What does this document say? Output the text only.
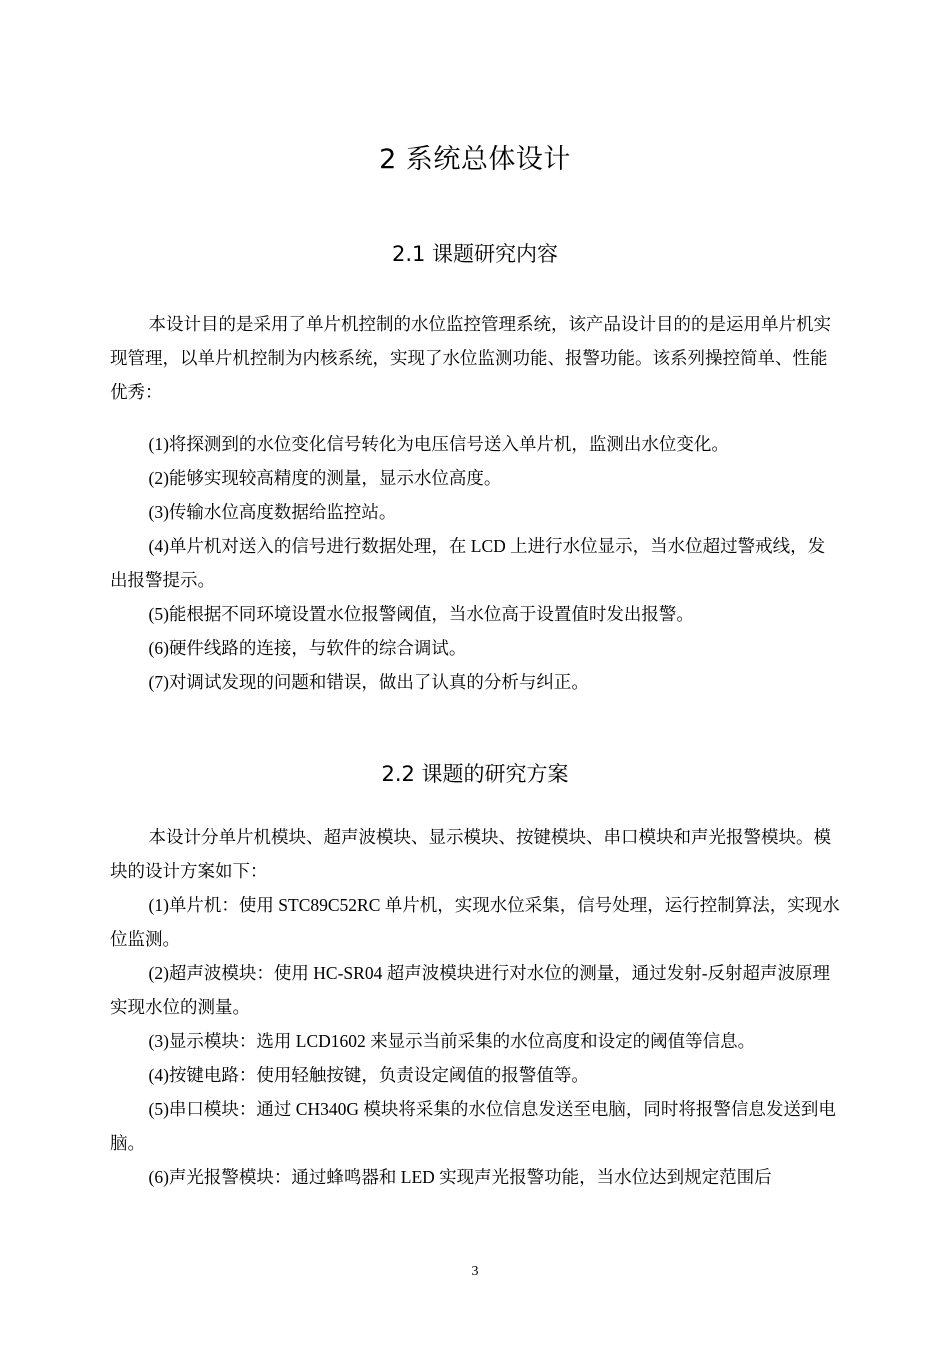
2 系统总体设计
2.1 课题研究内容

本设计目的是采用了单片机控制的水位监控管理系统，该产品设计目的的是运用单片机实现管理，以单片机控制为内核系统，实现了水位监测功能、报警功能。该系列操控简单、性能优秀：

(1)将探测到的水位变化信号转化为电压信号送入单片机，监测出水位变化。

(2)能够实现较高精度的测量，显示水位高度。

(3)传输水位高度数据给监控站。

(4)单片机对送入的信号进行数据处理，在 LCD 上进行水位显示，当水位超过警戒线，发出报警提示。

(5)能根据不同环境设置水位报警阈值，当水位高于设置值时发出报警。

(6)硬件线路的连接，与软件的综合调试。

(7)对调试发现的问题和错误，做出了认真的分析与纠正。

2.2 课题的研究方案

本设计分单片机模块、超声波模块、显示模块、按键模块、串口模块和声光报警模块。模块的设计方案如下：

(1)单片机：使用 STC89C52RC 单片机，实现水位采集，信号处理，运行控制算法，实现水位监测。

(2)超声波模块：使用 HC-SR04 超声波模块进行对水位的测量，通过发射-反射超声波原理实现水位的测量。

(3)显示模块：选用 LCD1602 来显示当前采集的水位高度和设定的阈值等信息。

(4)按键电路：使用轻触按键，负责设定阈值的报警值等。

(5)串口模块：通过 CH340G 模块将采集的水位信息发送至电脑，同时将报警信息发送到电脑。

(6)声光报警模块：通过蜂鸣器和 LED 实现声光报警功能，当水位达到规定范围后

3
